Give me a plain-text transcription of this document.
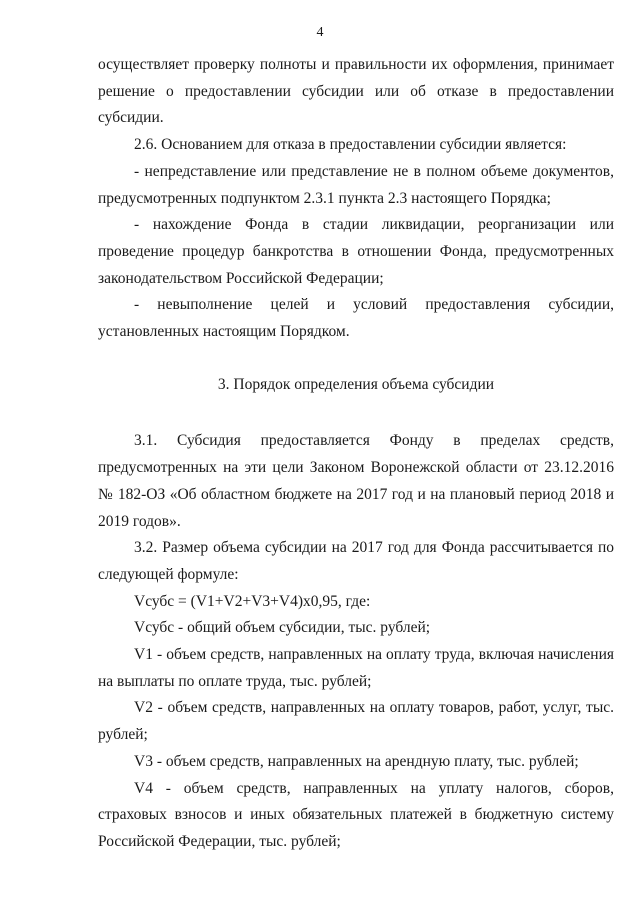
4

осуществляет проверку полноты и правильности их оформления, принимает решение о предоставлении субсидии или об отказе в предоставлении субсидии.

2.6. Основанием для отказа в предоставлении субсидии является:

- непредставление или представление не в полном объеме документов, предусмотренных подпунктом 2.3.1 пункта 2.3 настоящего Порядка;

- нахождение Фонда в стадии ликвидации, реорганизации или проведение процедур банкротства в отношении Фонда, предусмотренных законодательством Российской Федерации;

- невыполнение целей и условий предоставления субсидии, установленных настоящим Порядком.

3. Порядок определения объема субсидии

3.1. Субсидия предоставляется Фонду в пределах средств, предусмотренных на эти цели Законом Воронежской области от 23.12.2016 № 182-ОЗ «Об областном бюджете на 2017 год и на плановый период 2018 и 2019 годов».

3.2. Размер объема субсидии на 2017 год для Фонда рассчитывается по следующей формуле:

Vсубс = (V1+V2+V3+V4)x0,95, где:

Vсубс - общий объем субсидии, тыс. рублей;

V1 - объем средств, направленных на оплату труда, включая начисления на выплаты по оплате труда, тыс. рублей;

V2 - объем средств, направленных на оплату товаров, работ, услуг, тыс. рублей;

V3 - объем средств, направленных на арендную плату, тыс. рублей;

V4 - объем средств, направленных на уплату налогов, сборов, страховых взносов и иных обязательных платежей в бюджетную систему Российской Федерации, тыс. рублей;
